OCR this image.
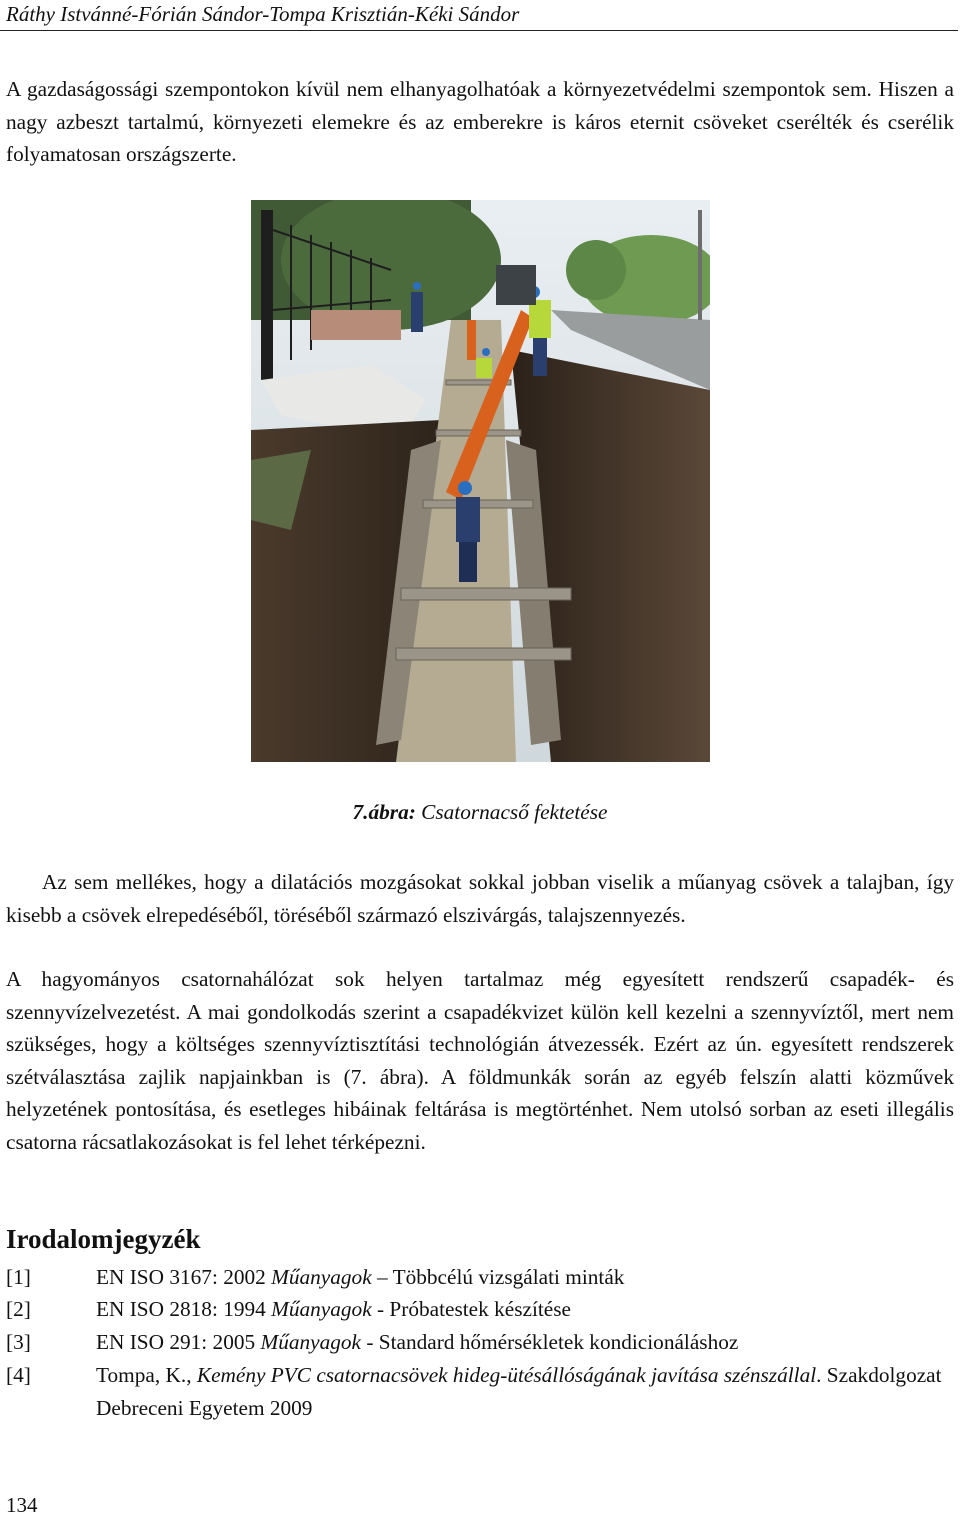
Ráthy Istvánné-Fórián Sándor-Tompa Krisztián-Kéki Sándor

A gazdaságossági szempontokon kívül nem elhanyagolhatóak a környezetvédelmi szempontok sem. Hiszen a nagy azbeszt tartalmú, környezeti elemekre és az emberekre is káros eternit csöveket cserélték és cserélik folyamatosan országszerte.

7.ábra: Csatornacső fektetése

Az sem mellékes, hogy a dilatációs mozgásokat sokkal jobban viselik a műanyag csövek a talajban, így kisebb a csövek elrepedéséből, töréséből származó elszivárgás, talajszennyezés.

A hagyományos csatornahálózat sok helyen tartalmaz még egyesített rendszerű csapadék- és szennyvízelvezetést. A mai gondolkodás szerint a csapadékvizet külön kell kezelni a szennyvíztől, mert nem szükséges, hogy a költséges szennyvíztisztítási technológián átvezessék. Ezért az ún. egyesített rendszerek szétválasztása zajlik napjainkban is (7. ábra). A földmunkák során az egyéb felszín alatti közművek helyzetének pontosítása, és esetleges hibáinak feltárása is megtörténhet. Nem utolsó sorban az eseti illegális csatorna rácsatlakozásokat is fel lehet térképezni.

Irodalomjegyzék
[1]	EN ISO 3167: 2002 Műanyagok – Többcélú vizsgálati minták
[2]	EN ISO 2818: 1994 Műanyagok - Próbatestek készítése
[3]	EN ISO 291: 2005 Műanyagok - Standard hőmérsékletek kondicionáláshoz
[4]	Tompa, K., Kemény PVC csatornacsövek hideg-ütésállóságának javítása szénszállal. Szakdolgozat Debreceni Egyetem 2009
134
